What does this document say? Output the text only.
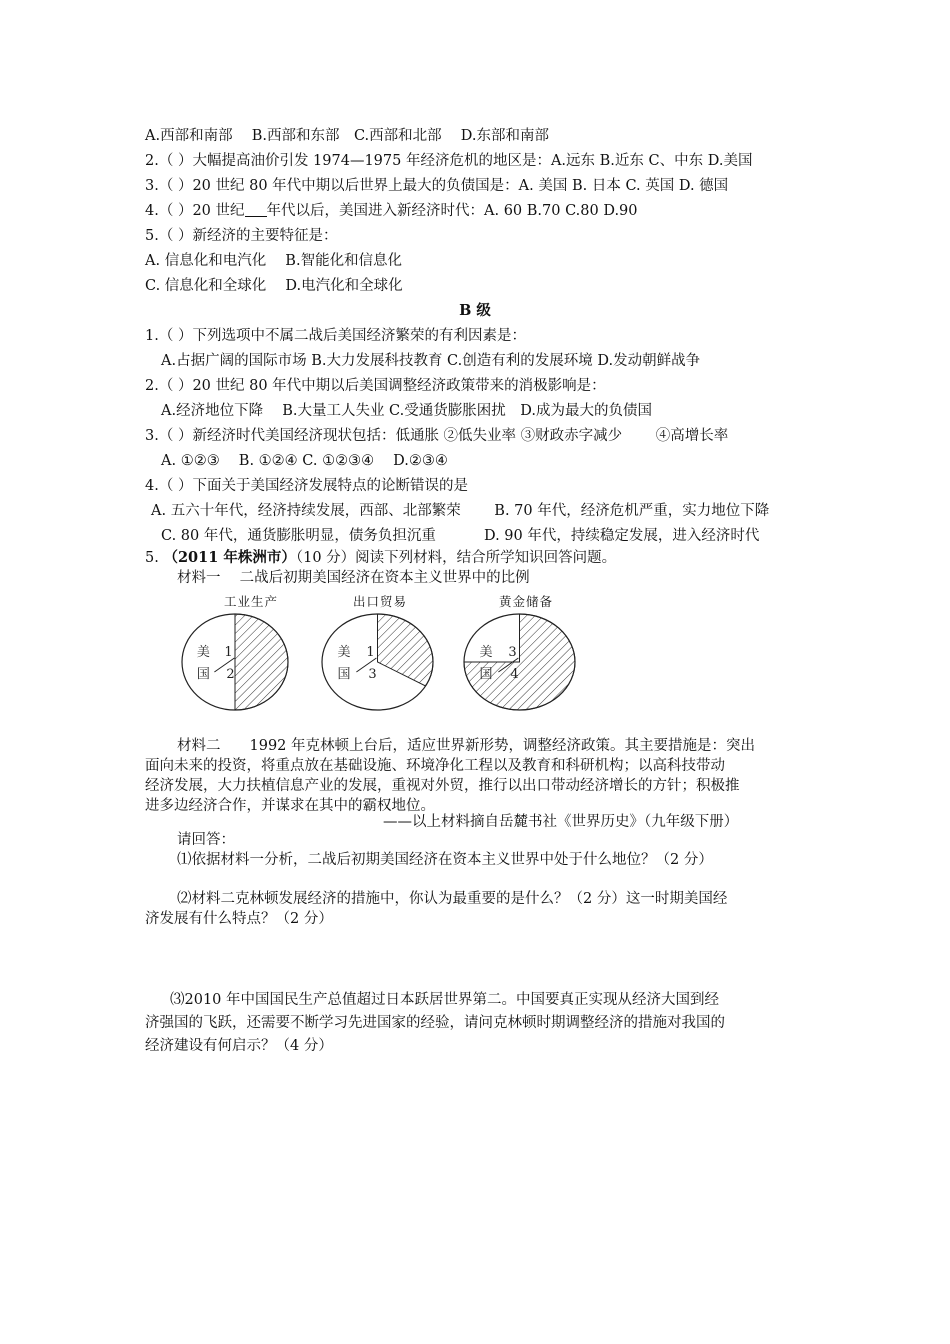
A.西部和南部　 B.西部和东部　C.西部和北部　 D.东部和南部
2.（ ）大幅提高油价引发 1974—1975 年经济危机的地区是：A.远东 B.近东 C、中东 D.美国
3.（ ）20 世纪 80 年代中期以后世界上最大的负债国是：A. 美国 B. 日本 C. 英国 D. 德国
4.（ ）20 世纪 年代以后，美国进入新经济时代：A. 60 B.70 C.80 D.90
5.（ ）新经济的主要特征是：
A. 信息化和电汽化　 B.智能化和信息化
C. 信息化和全球化　 D.电汽化和全球化
B 级
1.（ ）下列选项中不属二战后美国经济繁荣的有利因素是：
A.占据广阔的国际市场 B.大力发展科技教育 C.创造有利的发展环境 D.发动朝鲜战争
2.（ ）20 世纪 80 年代中期以后美国调整经济政策带来的消极影响是：
A.经济地位下降　 B.大量工人失业 C.受通货膨胀困扰　D.成为最大的负债国
3.（ ）新经济时代美国经济现状包括：低通胀 ②低失业率 ③财政赤字减少　　 ④高增长率
A. ①②③　 B. ①②④ C. ①②③④　 D.②③④
4.（ ）下面关于美国经济发展特点的论断错误的是
A. 五六十年代，经济持续发展，西部、北部繁荣　　 B. 70 年代，经济危机严重，实力地位下降
C. 80 年代，通货膨胀明显，债务负担沉重　　　 D. 90 年代，持续稳定发展，进入经济时代
5. （2011 年株洲市）（10 分）阅读下列材料，结合所学知识回答问题。
材料一　 二战后初期美国经济在资本主义世界中的比例
工业生产	出口贸易	黄金储备
美
国
1
2
美
国
1
3
美
国
3
4
材料二　　1992 年克林顿上台后，适应世界新形势，调整经济政策。其主要措施是：突出
面向未来的投资，将重点放在基础设施、环境净化工程以及教育和科研机构；以高科技带动
经济发展，大力扶植信息产业的发展，重视对外贸，推行以出口带动经济增长的方针；积极推
进多边经济合作，并谋求在其中的霸权地位。
——以上材料摘自岳麓书社《世界历史》（九年级下册）
请回答：
⑴依据材料一分析，二战后初期美国经济在资本主义世界中处于什么地位？（2 分）
⑵材料二克林顿发展经济的措施中，你认为最重要的是什么？（2 分）这一时期美国经
济发展有什么特点？（2 分）
⑶2010 年中国国民生产总值超过日本跃居世界第二。中国要真正实现从经济大国到经
济强国的飞跃，还需要不断学习先进国家的经验，请问克林顿时期调整经济的措施对我国的
经济建设有何启示？（4 分）
